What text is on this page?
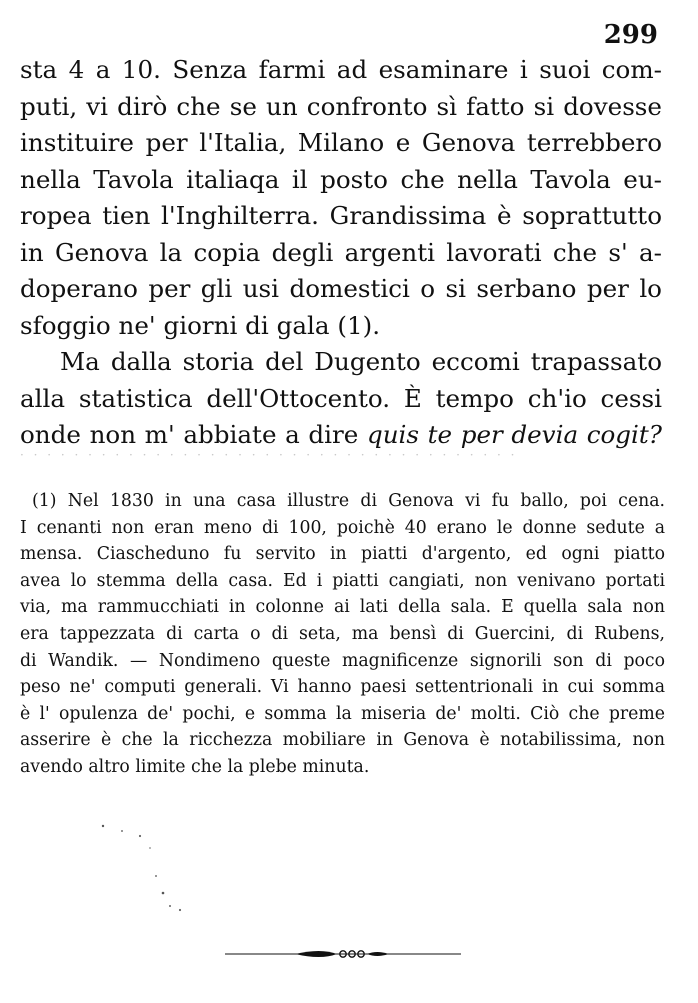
299
sta 4 a 10. Senza farmi ad esaminare i suoi com-
puti, vi dirò che se un confronto sì fatto si dovesse
instituire per l'Italia, Milano e Genova terrebbero
nella Tavola italiaqa il posto che nella Tavola eu-
ropea tien l'Inghilterra. Grandissima è soprattutto
in Genova la copia degli argenti lavorati che s' a-
doperano per gli usi domestici o si serbano per lo
sfoggio ne' giorni di gala (1).
Ma dalla storia del Dugento eccomi trapassato
alla statistica dell'Ottocento. È tempo ch'io cessi
onde non m' abbiate a dire quis te per devia cogit?
· · · · · · · · · · · · · · · · · · · · · · · · · · · · · · · · · · · · ·
(1) Nel 1830 in una casa illustre di Genova vi fu ballo, poi cena.
I cenanti non eran meno di 100, poichè 40 erano le donne sedute a
mensa. Ciascheduno fu servito in piatti d'argento, ed ogni piatto
avea lo stemma della casa. Ed i piatti cangiati, non venivano portati
via, ma rammucchiati in colonne ai lati della sala. E quella sala non
era tappezzata di carta o di seta, ma bensì di Guercini, di Rubens,
di Wandik. — Nondimeno queste magnificenze signorili son di poco
peso ne' computi generali. Vi hanno paesi settentrionali in cui somma
è l' opulenza de' pochi, e somma la miseria de' molti. Ciò che preme
asserire è che la ricchezza mobiliare in Genova è notabilissima, non
avendo altro limite che la plebe minuta.
